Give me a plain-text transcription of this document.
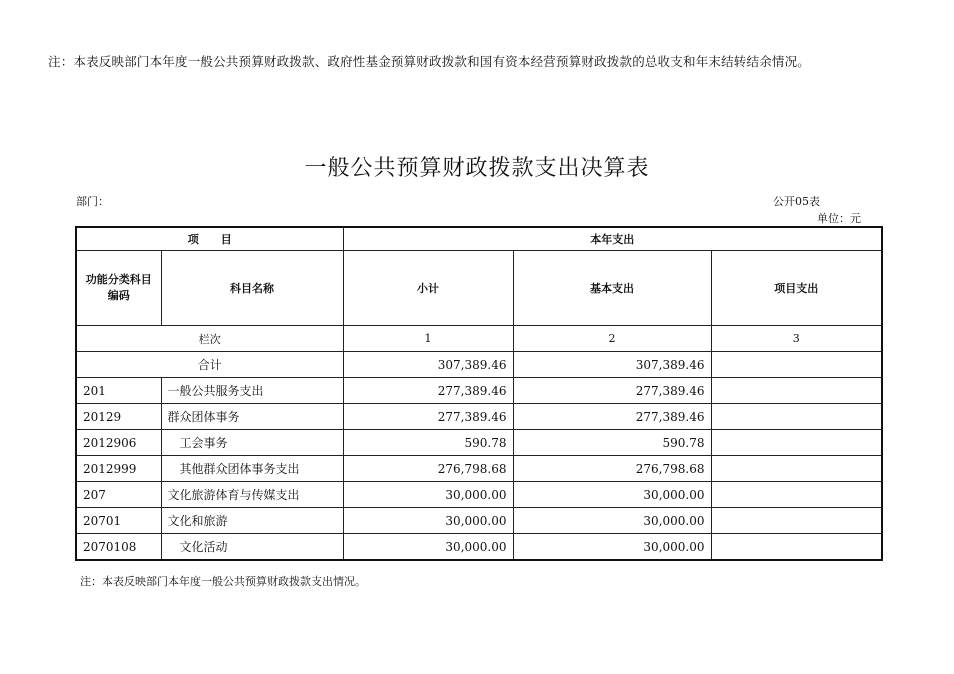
注：本表反映部门本年度一般公共预算财政拨款、政府性基金预算财政拨款和国有资本经营预算财政拨款的总收支和年末结转结余情况。
一般公共预算财政拨款支出决算表
部门：	公开05表
单位：元
项　　目		本年支出		
功能分类科目编码	科目名称	小计	基本支出	项目支出
栏次		1	2	3
合计		307,389.46	307,389.46	
201	一般公共服务支出	277,389.46	277,389.46	
20129	群众团体事务	277,389.46	277,389.46	
2012906	工会事务	590.78	590.78	
2012999	其他群众团体事务支出	276,798.68	276,798.68	
207	文化旅游体育与传媒支出	30,000.00	30,000.00	
20701	文化和旅游	30,000.00	30,000.00	
2070108	文化活动	30,000.00	30,000.00	
注：本表反映部门本年度一般公共预算财政拨款支出情况。
